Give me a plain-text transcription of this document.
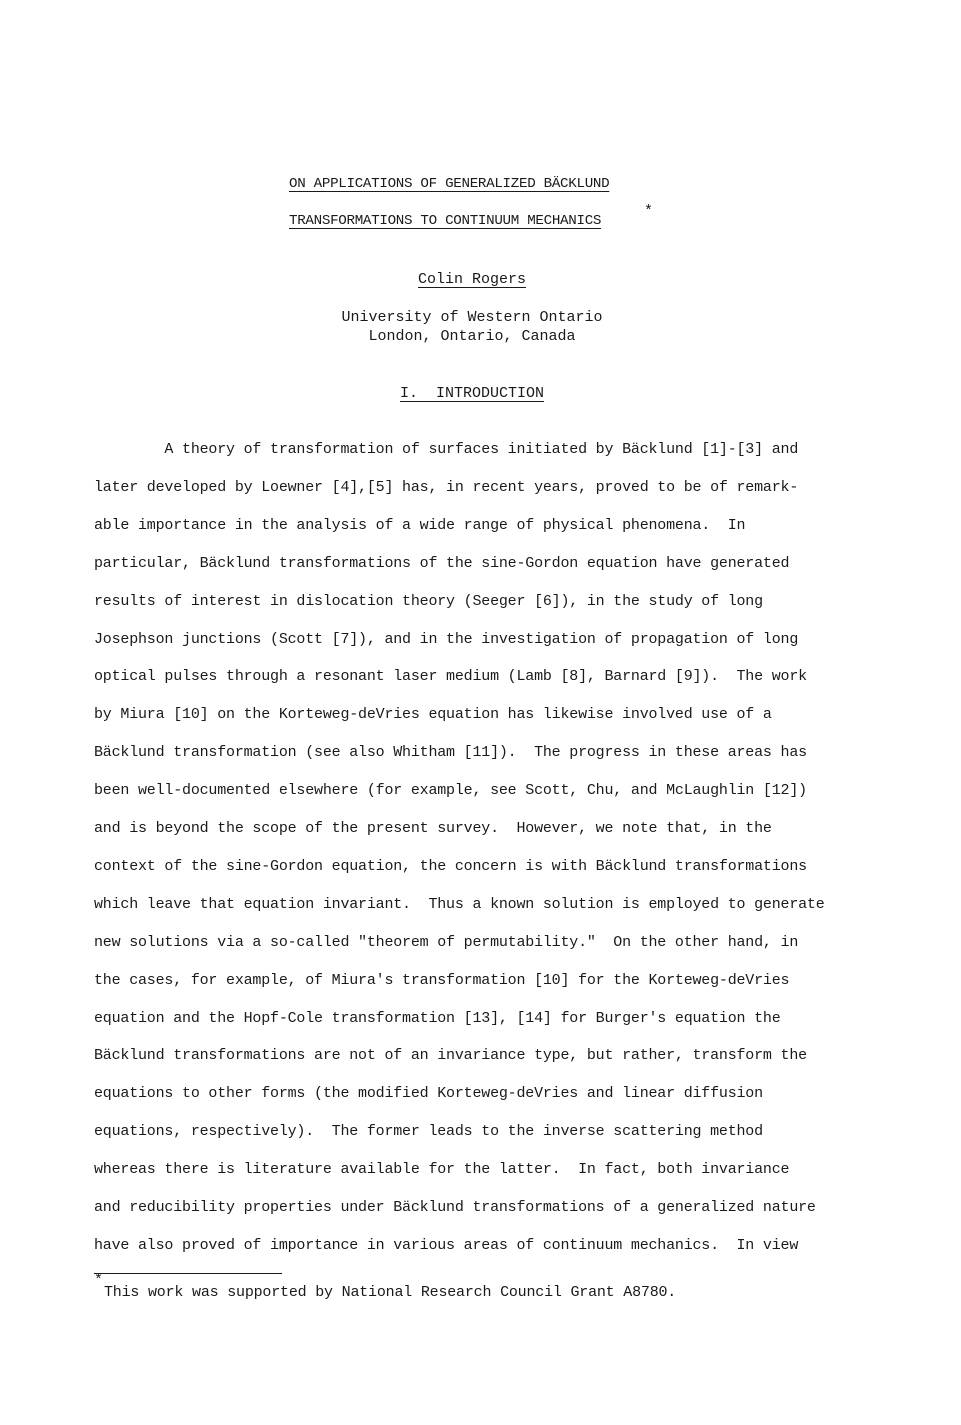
ON APPLICATIONS OF GENERALIZED BÄCKLUND
TRANSFORMATIONS TO CONTINUUM MECHANICS
*
Colin Rogers
University of Western Ontario
London, Ontario, Canada
I.  INTRODUCTION
A theory of transformation of surfaces initiated by Bäcklund [1]-[3] and
later developed by Loewner [4],[5] has, in recent years, proved to be of remark-
able importance in the analysis of a wide range of physical phenomena.  In
particular, Bäcklund transformations of the sine-Gordon equation have generated
results of interest in dislocation theory (Seeger [6]), in the study of long
Josephson junctions (Scott [7]), and in the investigation of propagation of long
optical pulses through a resonant laser medium (Lamb [8], Barnard [9]).  The work
by Miura [10] on the Korteweg-deVries equation has likewise involved use of a
Bäcklund transformation (see also Whitham [11]).  The progress in these areas has
been well-documented elsewhere (for example, see Scott, Chu, and McLaughlin [12])
and is beyond the scope of the present survey.  However, we note that, in the
context of the sine-Gordon equation, the concern is with Bäcklund transformations
which leave that equation invariant.  Thus a known solution is employed to generate
new solutions via a so-called "theorem of permutability."  On the other hand, in
the cases, for example, of Miura's transformation [10] for the Korteweg-deVries
equation and the Hopf-Cole transformation [13], [14] for Burger's equation the
Bäcklund transformations are not of an invariance type, but rather, transform the
equations to other forms (the modified Korteweg-deVries and linear diffusion
equations, respectively).  The former leads to the inverse scattering method
whereas there is literature available for the latter.  In fact, both invariance
and reducibility properties under Bäcklund transformations of a generalized nature
have also proved of importance in various areas of continuum mechanics.  In view
*
This work was supported by National Research Council Grant A8780.
